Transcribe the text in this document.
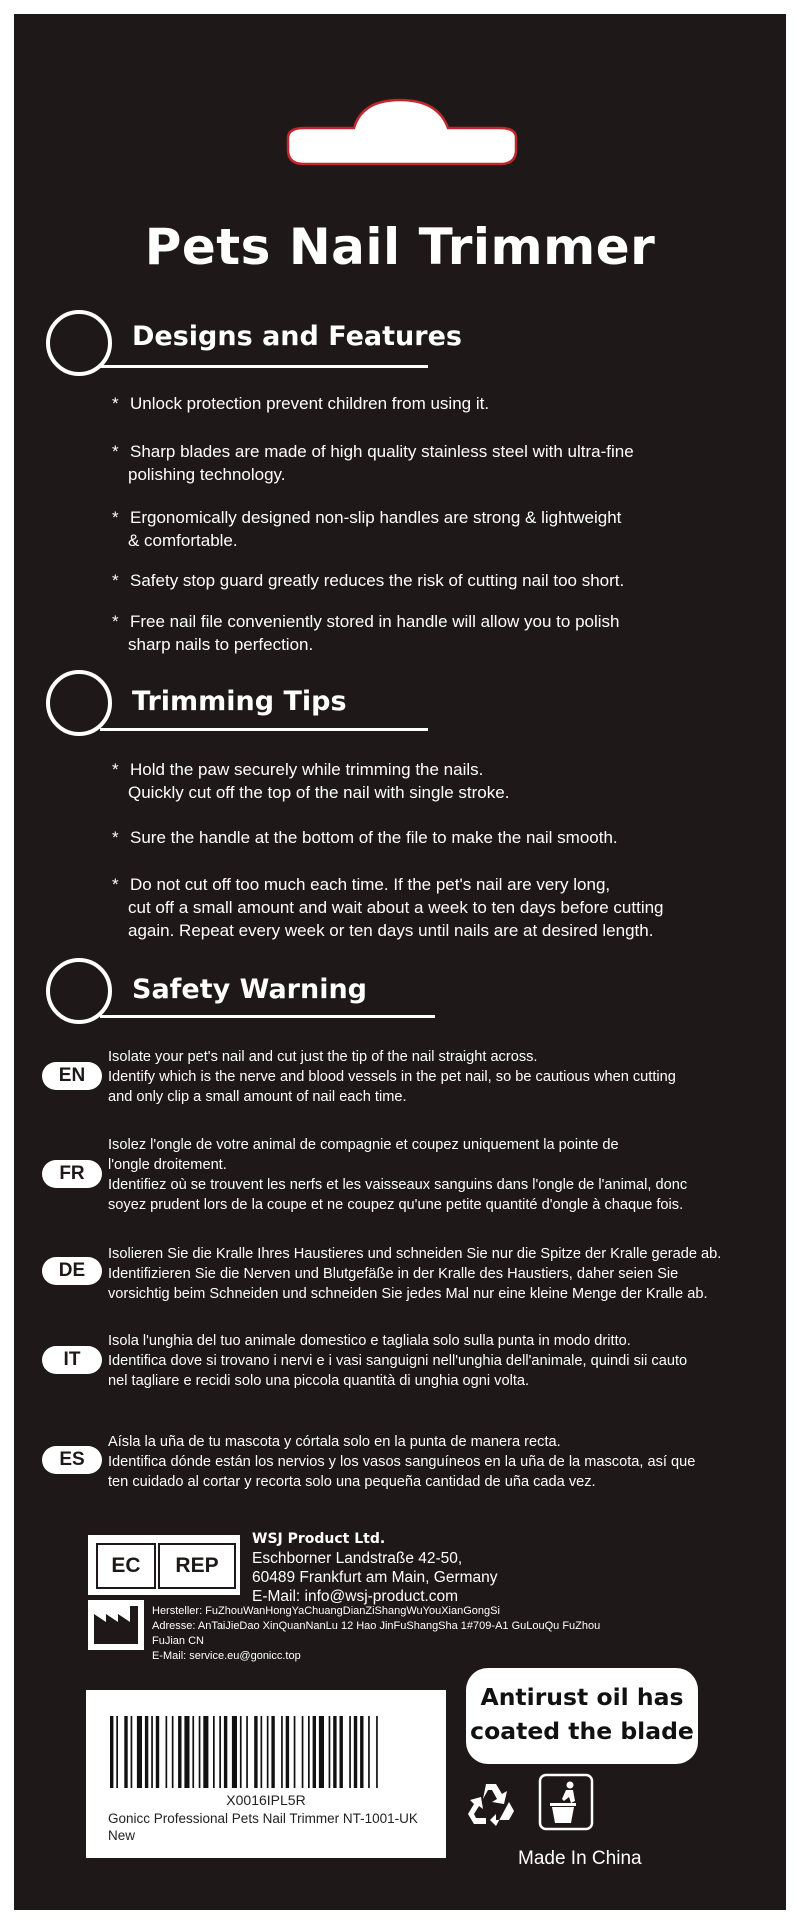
Pets Nail Trimmer
Designs and Features
* Unlock protection prevent children from using it.
* Sharp blades are made of high quality stainless steel with ultra-fine
polishing technology.
* Ergonomically designed non-slip handles are strong & lightweight
& comfortable.
* Safety stop guard greatly reduces the risk of cutting nail too short.
* Free nail file conveniently stored in handle will allow you to polish
sharp nails to perfection.
Trimming Tips
* Hold the paw securely while trimming the nails.
Quickly cut off the top of the nail with single stroke.
* Sure the handle at the bottom of the file to make the nail smooth.
* Do not cut off too much each time. If the pet's nail are very long,
cut off a small amount and wait about a week to ten days before cutting
again. Repeat every week or ten days until nails are at desired length.
Safety Warning
EN
Isolate your pet's nail and cut just the tip of the nail straight across.
Identify which is the nerve and blood vessels in the pet nail, so be cautious when cutting
and only clip a small amount of nail each time.
FR
Isolez l'ongle de votre animal de compagnie et coupez uniquement la pointe de
l'ongle droitement.
Identifiez où se trouvent les nerfs et les vaisseaux sanguins dans l'ongle de l'animal, donc
soyez prudent lors de la coupe et ne coupez qu'une petite quantité d'ongle à chaque fois.
DE
Isolieren Sie die Kralle Ihres Haustieres und schneiden Sie nur die Spitze der Kralle gerade ab.
Identifizieren Sie die Nerven und Blutgefäße in der Kralle des Haustiers, daher seien Sie
vorsichtig beim Schneiden und schneiden Sie jedes Mal nur eine kleine Menge der Kralle ab.
IT
Isola l'unghia del tuo animale domestico e tagliala solo sulla punta in modo dritto.
Identifica dove si trovano i nervi e i vasi sanguigni nell'unghia dell'animale, quindi sii cauto
nel tagliare e recidi solo una piccola quantità di unghia ogni volta.
ES
Aísla la uña de tu mascota y córtala solo en la punta de manera recta.
Identifica dónde están los nervios y los vasos sanguíneos en la uña de la mascota, así que
ten cuidado al cortar y recorta solo una pequeña cantidad de uña cada vez.
EC	REP
WSJ Product Ltd.
Eschborner Landstraße 42-50,
60489 Frankfurt am Main, Germany
E-Mail: info@wsj-product.com
Hersteller: FuZhouWanHongYaChuangDianZiShangWuYouXianGongSi
Adresse: AnTaiJieDao XinQuanNanLu 12 Hao JinFuShangSha 1#709-A1 GuLouQu FuZhou
FuJian CN
E-Mail: service.eu@gonicc.top
X0016IPL5R
Gonicc Professional Pets Nail Trimmer NT-1001-UK New
Antirust oil has
coated the blade
Made In China
